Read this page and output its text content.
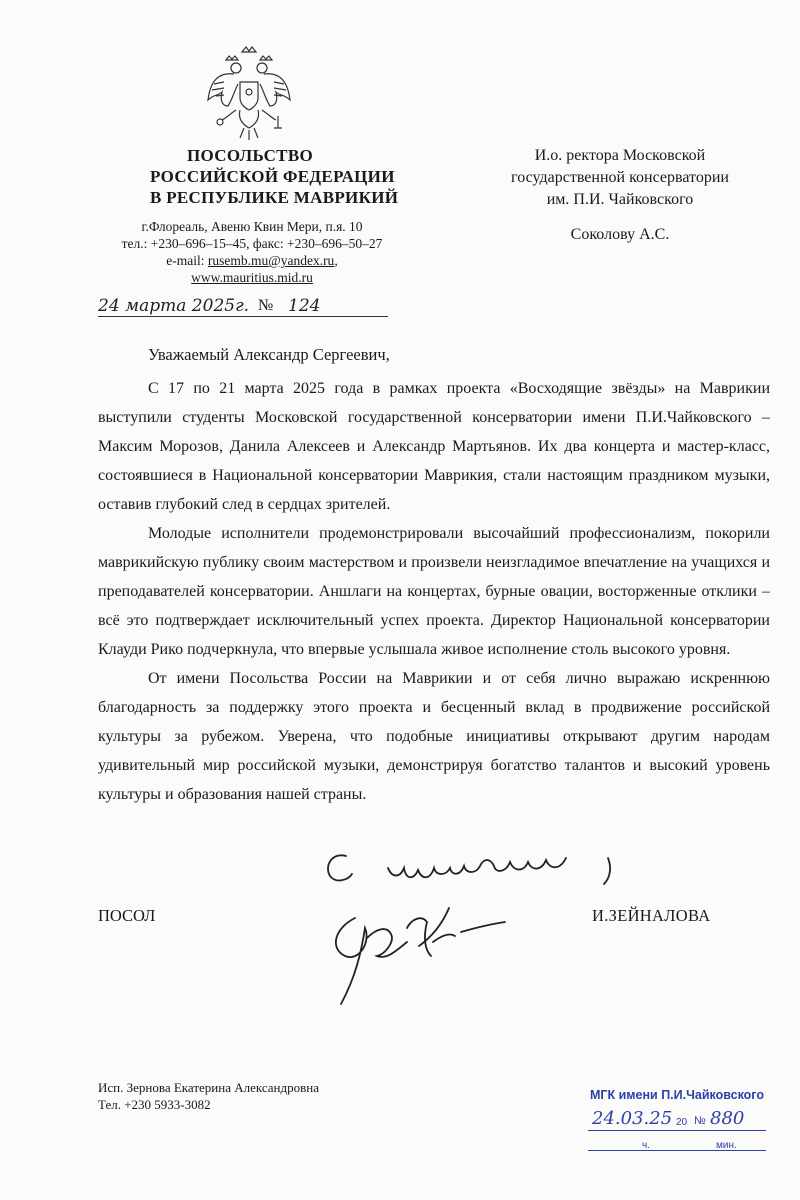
ПОСОЛЬСТВО
РОССИЙСКОЙ ФЕДЕРАЦИИ
В РЕСПУБЛИКЕ МАВРИКИЙ
г.Флореаль, Авеню Квин Мери, п.я. 10
тел.: +230–696–15–45, факс: +230–696–50–27
e-mail: rusemb.mu@yandex.ru,
www.mauritius.mid.ru
И.о. ректора Московской
государственной консерватории
им. П.И. Чайковского
Соколову А.С.
24 марта 2025г. № 124
Уважаемый Александр Сергеевич,

С 17 по 21 марта 2025 года в рамках проекта «Восходящие звёзды» на Маврикии выступили студенты Московской государственной консерватории имени П.И.Чайковского – Максим Морозов, Данила Алексеев и Александр Мартьянов. Их два концерта и мастер-класс, состоявшиеся в Национальной консерватории Маврикия, стали настоящим праздником музыки, оставив глубокий след в сердцах зрителей.

Молодые исполнители продемонстрировали высочайший профессионализм, покорили маврикийскую публику своим мастерством и произвели неизгладимое впечатление на учащихся и преподавателей консерватории. Аншлаги на концертах, бурные овации, восторженные отклики – всё это подтверждает исключительный успех проекта. Директор Национальной консерватории Клауди Рико подчеркнула, что впервые услышала живое исполнение столь высокого уровня.

От имени Посольства России на Маврикии и от себя лично выражаю искреннюю благодарность за поддержку этого проекта и бесценный вклад в продвижение российской культуры за рубежом. Уверена, что подобные инициативы открывают другим народам удивительный мир российской музыки, демонстрируя богатство талантов и высокий уровень культуры и образования нашей страны.

ПОСОЛ	И.ЗЕЙНАЛОВА
Исп. Зернова Екатерина Александровна
Тел. +230 5933-3082
МГК имени П.И.Чайковского
24.03.25 20 № 880
ч.	мин.
